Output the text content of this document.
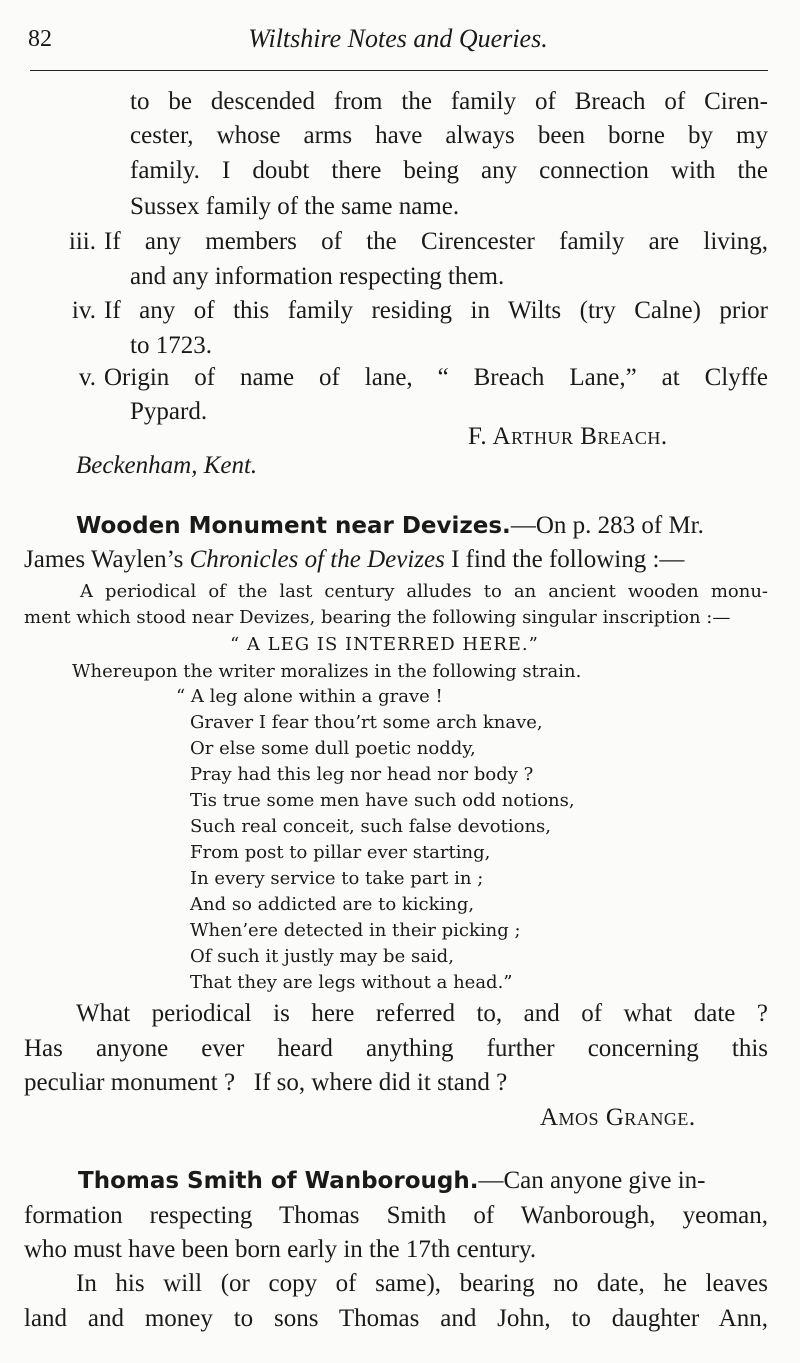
82	Wiltshire Notes and Queries.
to be descended from the family of Breach of Ciren-
cester, whose arms have always been borne by my
family. I doubt there being any connection with the
Sussex family of the same name.
iii. If any members of the Cirencester family are living,
and any information respecting them.
iv. If any of this family residing in Wilts (try Calne) prior
to 1723.
v. Origin of name of lane, “ Breach Lane,” at Clyffe
Pypard.
F. Arthur Breach.
Beckenham, Kent.
Wooden Monument near Devizes.—On p. 283 of Mr.
James Waylen’s Chronicles of the Devizes I find the following :—
A periodical of the last century alludes to an ancient wooden monu-
ment which stood near Devizes, bearing the following singular inscription :—
“ A LEG IS INTERRED HERE.”
Whereupon the writer moralizes in the following strain.
“ A leg alone within a grave !
Graver I fear thou’rt some arch knave,
Or else some dull poetic noddy,
Pray had this leg nor head nor body ?
Tis true some men have such odd notions,
Such real conceit, such false devotions,
From post to pillar ever starting,
In every service to take part in ;
And so addicted are to kicking,
When’ere detected in their picking ;
Of such it justly may be said,
That they are legs without a head.”
What periodical is here referred to, and of what date ?
Has anyone ever heard anything further concerning this
peculiar monument ?   If so, where did it stand ?
Amos Grange.
Thomas Smith of Wanborough.—Can anyone give in-
formation respecting Thomas Smith of Wanborough, yeoman,
who must have been born early in the 17th century.
In his will (or copy of same), bearing no date, he leaves
land and money to sons Thomas and John, to daughter Ann,
